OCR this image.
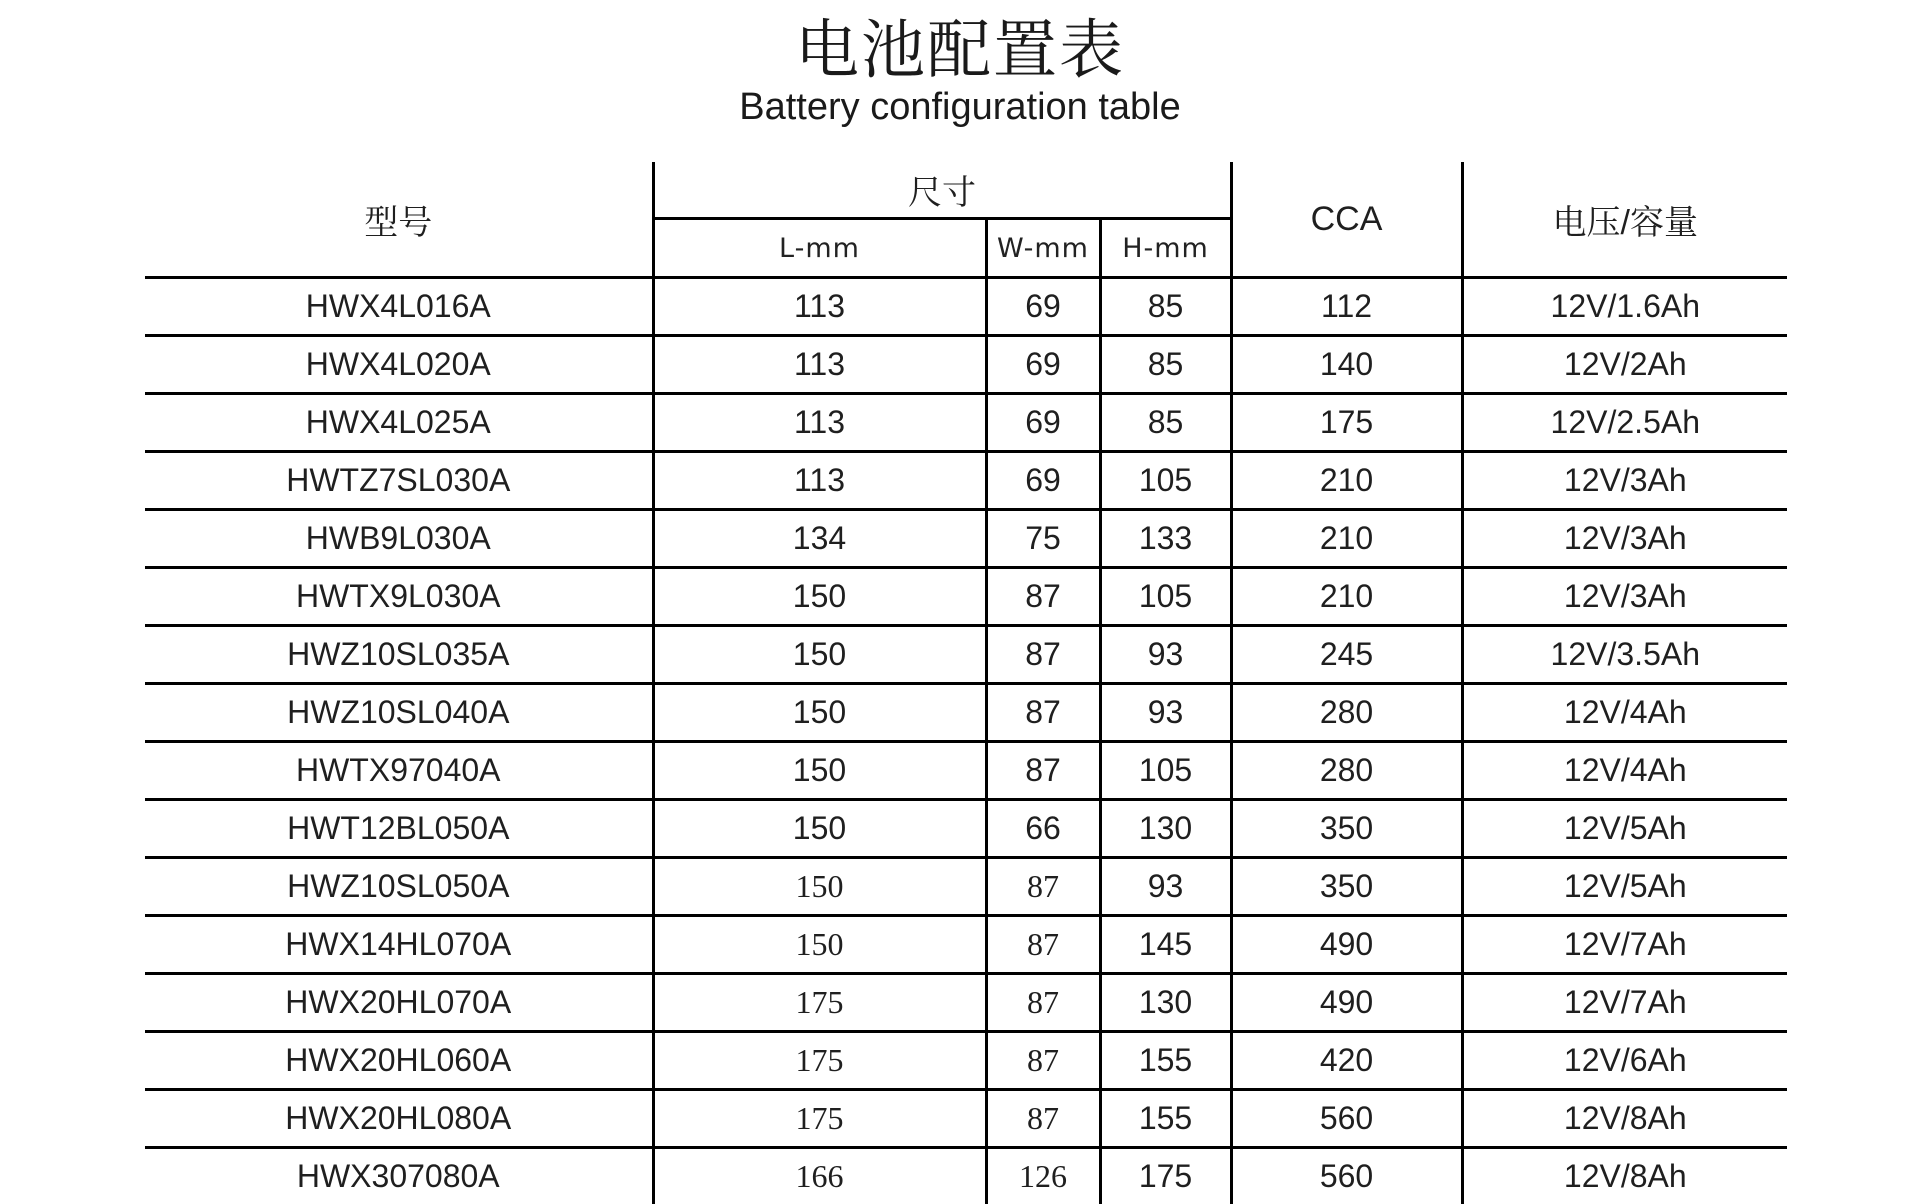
电池配置表
Battery configuration table
型号	尺寸			CCA	电压/容量
	L-mm	W-mm	H-mm		
HWX4L016A	113	69	85	112	12V/1.6Ah
HWX4L020A	113	69	85	140	12V/2Ah
HWX4L025A	113	69	85	175	12V/2.5Ah
HWTZ7SL030A	113	69	105	210	12V/3Ah
HWB9L030A	134	75	133	210	12V/3Ah
HWTX9L030A	150	87	105	210	12V/3Ah
HWZ10SL035A	150	87	93	245	12V/3.5Ah
HWZ10SL040A	150	87	93	280	12V/4Ah
HWTX97040A	150	87	105	280	12V/4Ah
HWT12BL050A	150	66	130	350	12V/5Ah
HWZ10SL050A	150	87	93	350	12V/5Ah
HWX14HL070A	150	87	145	490	12V/7Ah
HWX20HL070A	175	87	130	490	12V/7Ah
HWX20HL060A	175	87	155	420	12V/6Ah
HWX20HL080A	175	87	155	560	12V/8Ah
HWX307080A	166	126	175	560	12V/8Ah
